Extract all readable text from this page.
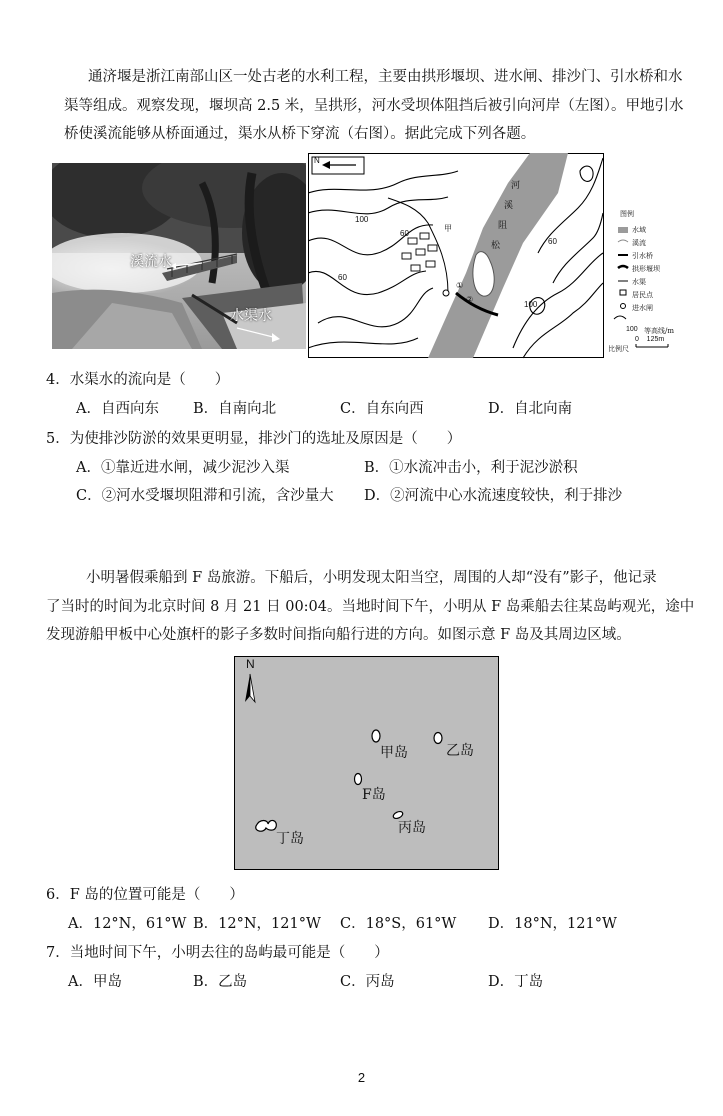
通济堰是浙江南部山区一处古老的水利工程，主要由拱形堰坝、进水闸、排沙门、引水桥和水
渠等组成。观察发现，堰坝高 2.5 米，呈拱形，河水受坝体阻挡后被引向河岸（左图）。甲地引水
桥使溪流能够从桥面通过，渠水从桥下穿流（右图）。据此完成下列各题。
溪流水
水渠水
N
河
溪
阻
松
100
60
60
60
100
甲
①
②
图例
水域
溪流
引水桥
拱形堰坝
水渠
居民点
进水闸
100 等高线/m
比例尺
0    125m
4．水渠水的流向是（　　）
A．自西向东 B．自南向北	C．自东向西	D．自北向南
5．为使排沙防淤的效果更明显，排沙门的选址及原因是（　　）
A．①靠近进水闸，减少泥沙入渠	B．①水流冲击小，利于泥沙淤积
C．②河水受堰坝阻滞和引流，含沙量大 D．②河流中心水流速度较快，利于排沙
小明暑假乘船到 F 岛旅游。下船后，小明发现太阳当空，周围的人却“没有”影子，他记录
了当时的时间为北京时间 8 月 21 日 00:04。当地时间下午，小明从 F 岛乘船去往某岛屿观光，途中
发现游船甲板中心处旗杆的影子多数时间指向船行进的方向。如图示意 F 岛及其周边区域。
N
甲岛	乙岛
F岛
丙岛
丁岛
6．F 岛的位置可能是（　　）
A．12°N，61°W B．12°N，121°W C．18°S，61°W D．18°N，121°W
7．当地时间下午，小明去往的岛屿最可能是（　　）
A．甲岛	B．乙岛	C．丙岛	D．丁岛
2
